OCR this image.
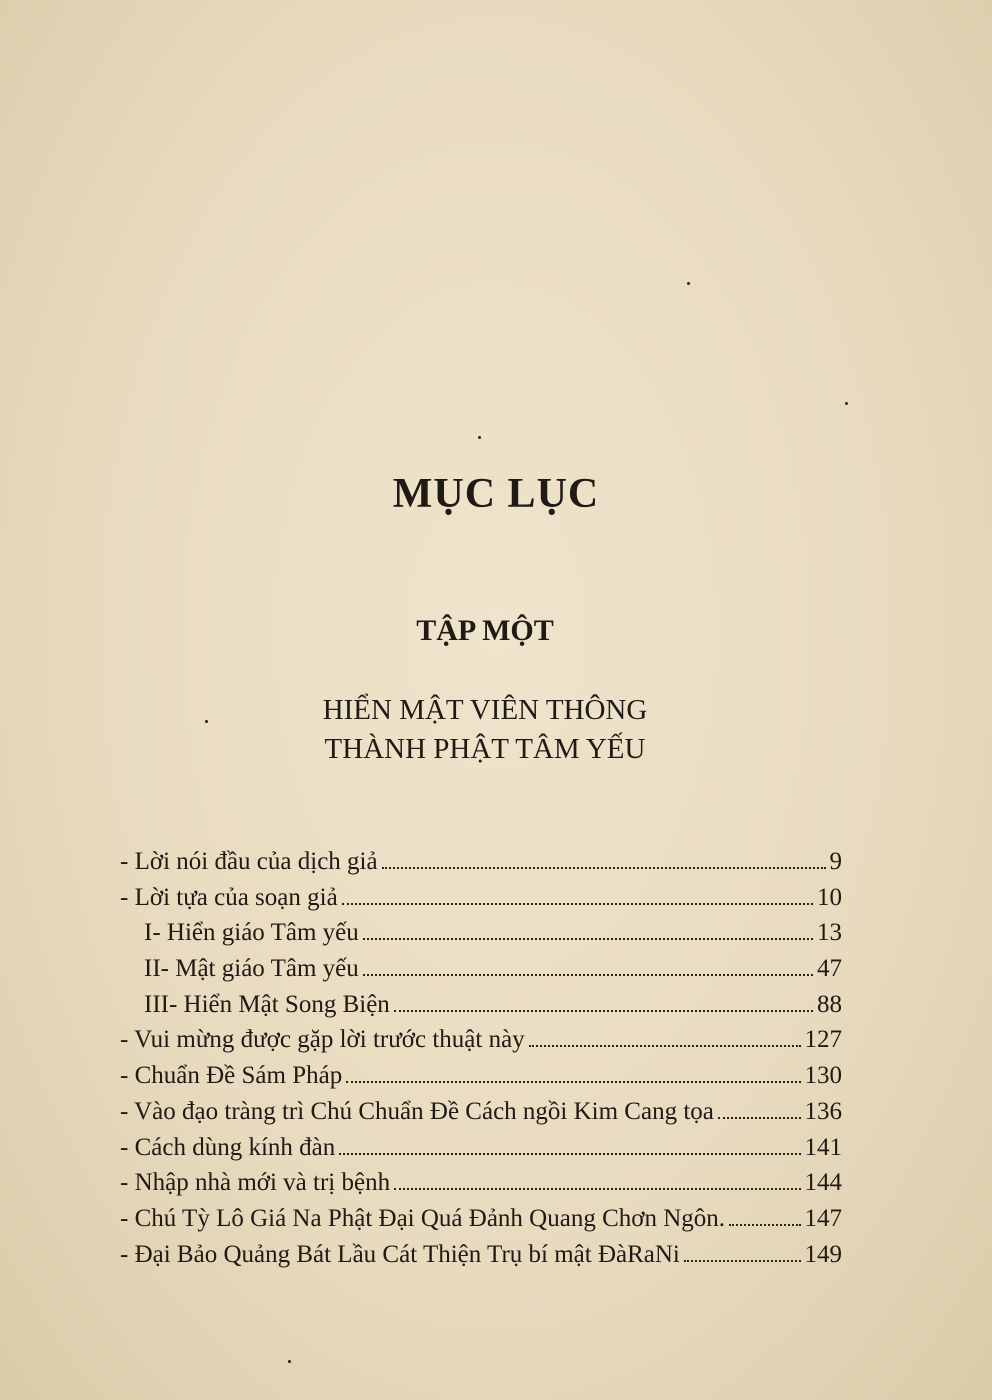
MỤC LỤC
TẬP MỘT
HIỂN MẬT VIÊN THÔNG
THÀNH PHẬT TÂM YẾU
- Lời nói đầu của dịch giả	9
- Lời tựa của soạn giả	10
I- Hiển giáo Tâm yếu	13
II- Mật giáo Tâm yếu	47
III- Hiển Mật Song Biện	88
- Vui mừng được gặp lời trước thuật này	127
- Chuẩn Đề Sám Pháp	130
- Vào đạo tràng trì Chú Chuẩn Đề Cách ngồi Kim Cang tọa	136
- Cách dùng kính đàn	141
- Nhập nhà mới và trị bệnh	144
- Chú Tỳ Lô Giá Na Phật Đại Quá Đảnh Quang Chơn Ngôn.	147
- Đại Bảo Quảng Bát Lầu Cát Thiện Trụ bí mật ĐàRaNi	149
